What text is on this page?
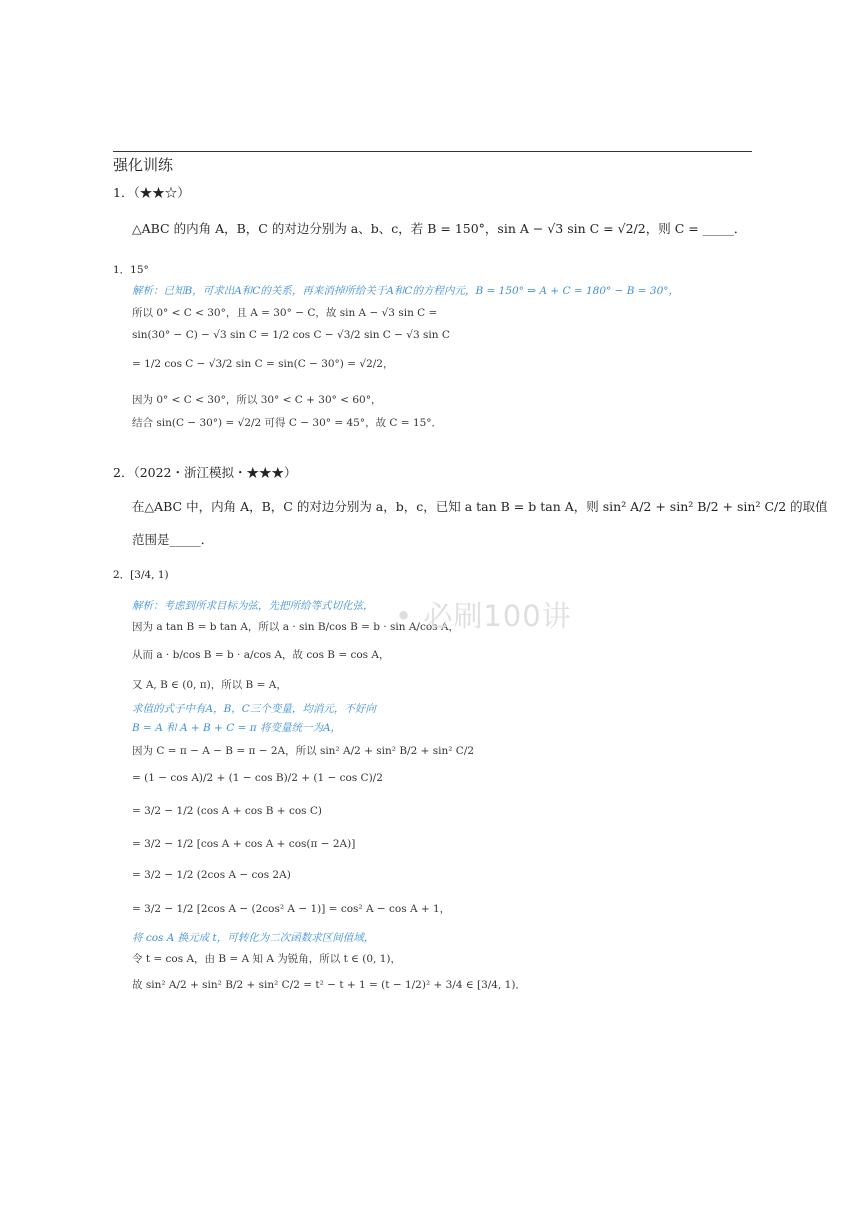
强化训练
1．（★★☆）
△ABC 的内角 A，B，C 的对边分别为 a、b、c，若 B = 150°，sin A − √3 sin C = √2/2，则 C = _____．
1．15°
解析：已知B，可求出A和C的关系，再来消掉所给关于A和C的方程内元，B = 150° ⇒ A + C = 180° − B = 30°，
所以 0° < C < 30°，且 A = 30° − C，故 sin A − √3 sin C =
sin(30° − C) − √3 sin C = 1/2 cos C − √3/2 sin C − √3 sin C
= 1/2 cos C − √3/2 sin C = sin(C − 30°) = √2/2，
因为 0° < C < 30°，所以 30° < C + 30° < 60°，
结合 sin(C − 30°) = √2/2 可得 C − 30° = 45°，故 C = 15°．
2．（2022・浙江模拟・★★★）
在△ABC 中，内角 A，B，C 的对边分别为 a，b，c，已知 a tan B = b tan A，则 sin² A/2 + sin² B/2 + sin² C/2 的取值
范围是_____．
2．[3/4, 1)
解析：考虑到所求目标为弦，先把所给等式切化弦，
因为 a tan B = b tan A，所以 a · sin B/cos B = b · sin A/cos A，
从而 a · b/cos B = b · a/cos A，故 cos B = cos A，
又 A, B ∈ (0, π)，所以 B = A，
求值的式子中有A，B，C三个变量，均消元，不好向
B = A 和 A + B + C = π 将变量统一为A，
因为 C = π − A − B = π − 2A，所以 sin² A/2 + sin² B/2 + sin² C/2
= (1 − cos A)/2 + (1 − cos B)/2 + (1 − cos C)/2
= 3/2 − 1/2 (cos A + cos B + cos C)
= 3/2 − 1/2 [cos A + cos A + cos(π − 2A)]
= 3/2 − 1/2 (2cos A − cos 2A)
= 3/2 − 1/2 [2cos A − (2cos² A − 1)] = cos² A − cos A + 1，
将 cos A 换元成 t，可转化为二次函数求区间值域，
令 t = cos A，由 B = A 知 A 为锐角，所以 t ∈ (0, 1)，
故 sin² A/2 + sin² B/2 + sin² C/2 = t² − t + 1 = (t − 1/2)² + 3/4 ∈ [3/4, 1)．
• 必刷100讲
